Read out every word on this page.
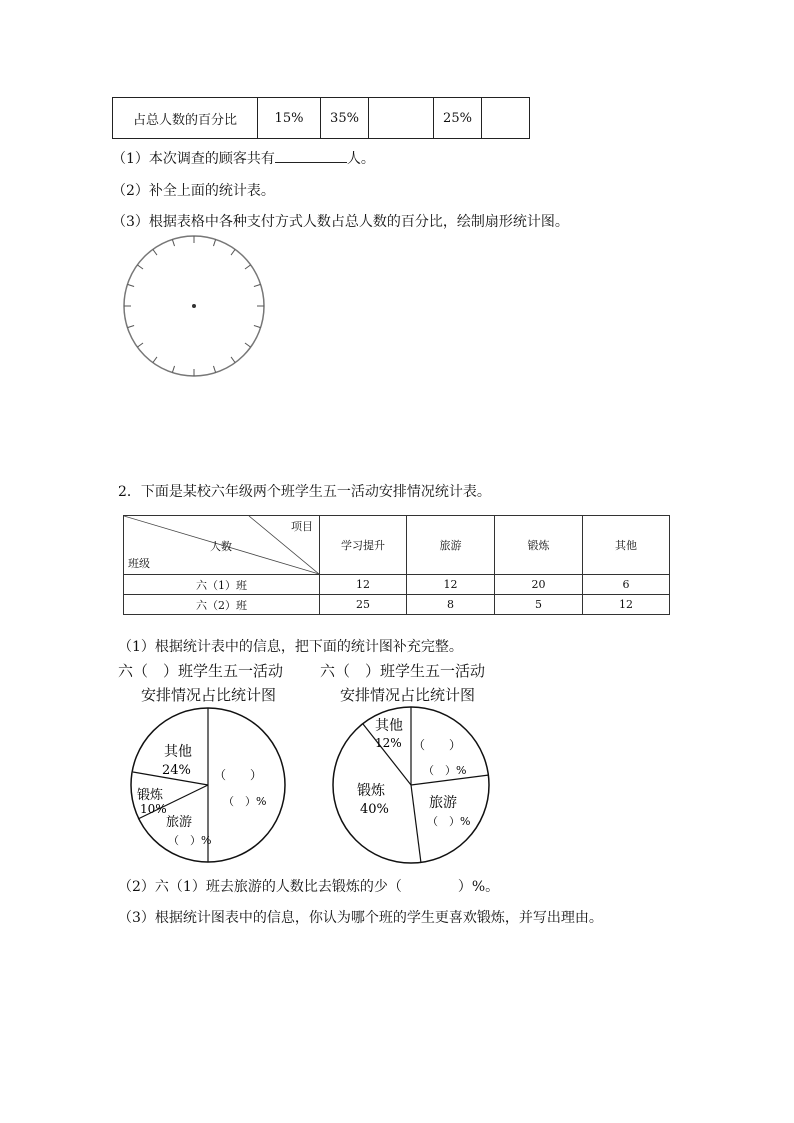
占总人数的百分比	15%	35%		25%	
（1）本次调查的顾客共有	人。
（2）补全上面的统计表。
（3）根据表格中各种支付方式人数占总人数的百分比，绘制扇形统计图。
2．下面是某校六年级两个班学生五一活动安排情况统计表。
项目
人数
班级	学习提升	旅游	锻炼	其他
六（1）班	12	12	20	6
六（2）班	25	8	5	12
（1）根据统计表中的信息，把下面的统计图补充完整。
六（　）班学生五一活动
安排情况占比统计图
六（　）班学生五一活动
安排情况占比统计图
其他
24%
锻炼
10%
旅游
（　）%
（　　）
（　）%
其他
12% （　　）
（　）%
旅游
（　）%
锻炼
40%
（2）六（1）班去旅游的人数比去锻炼的少（　　　　）%。
（3）根据统计图表中的信息，你认为哪个班的学生更喜欢锻炼，并写出理由。
